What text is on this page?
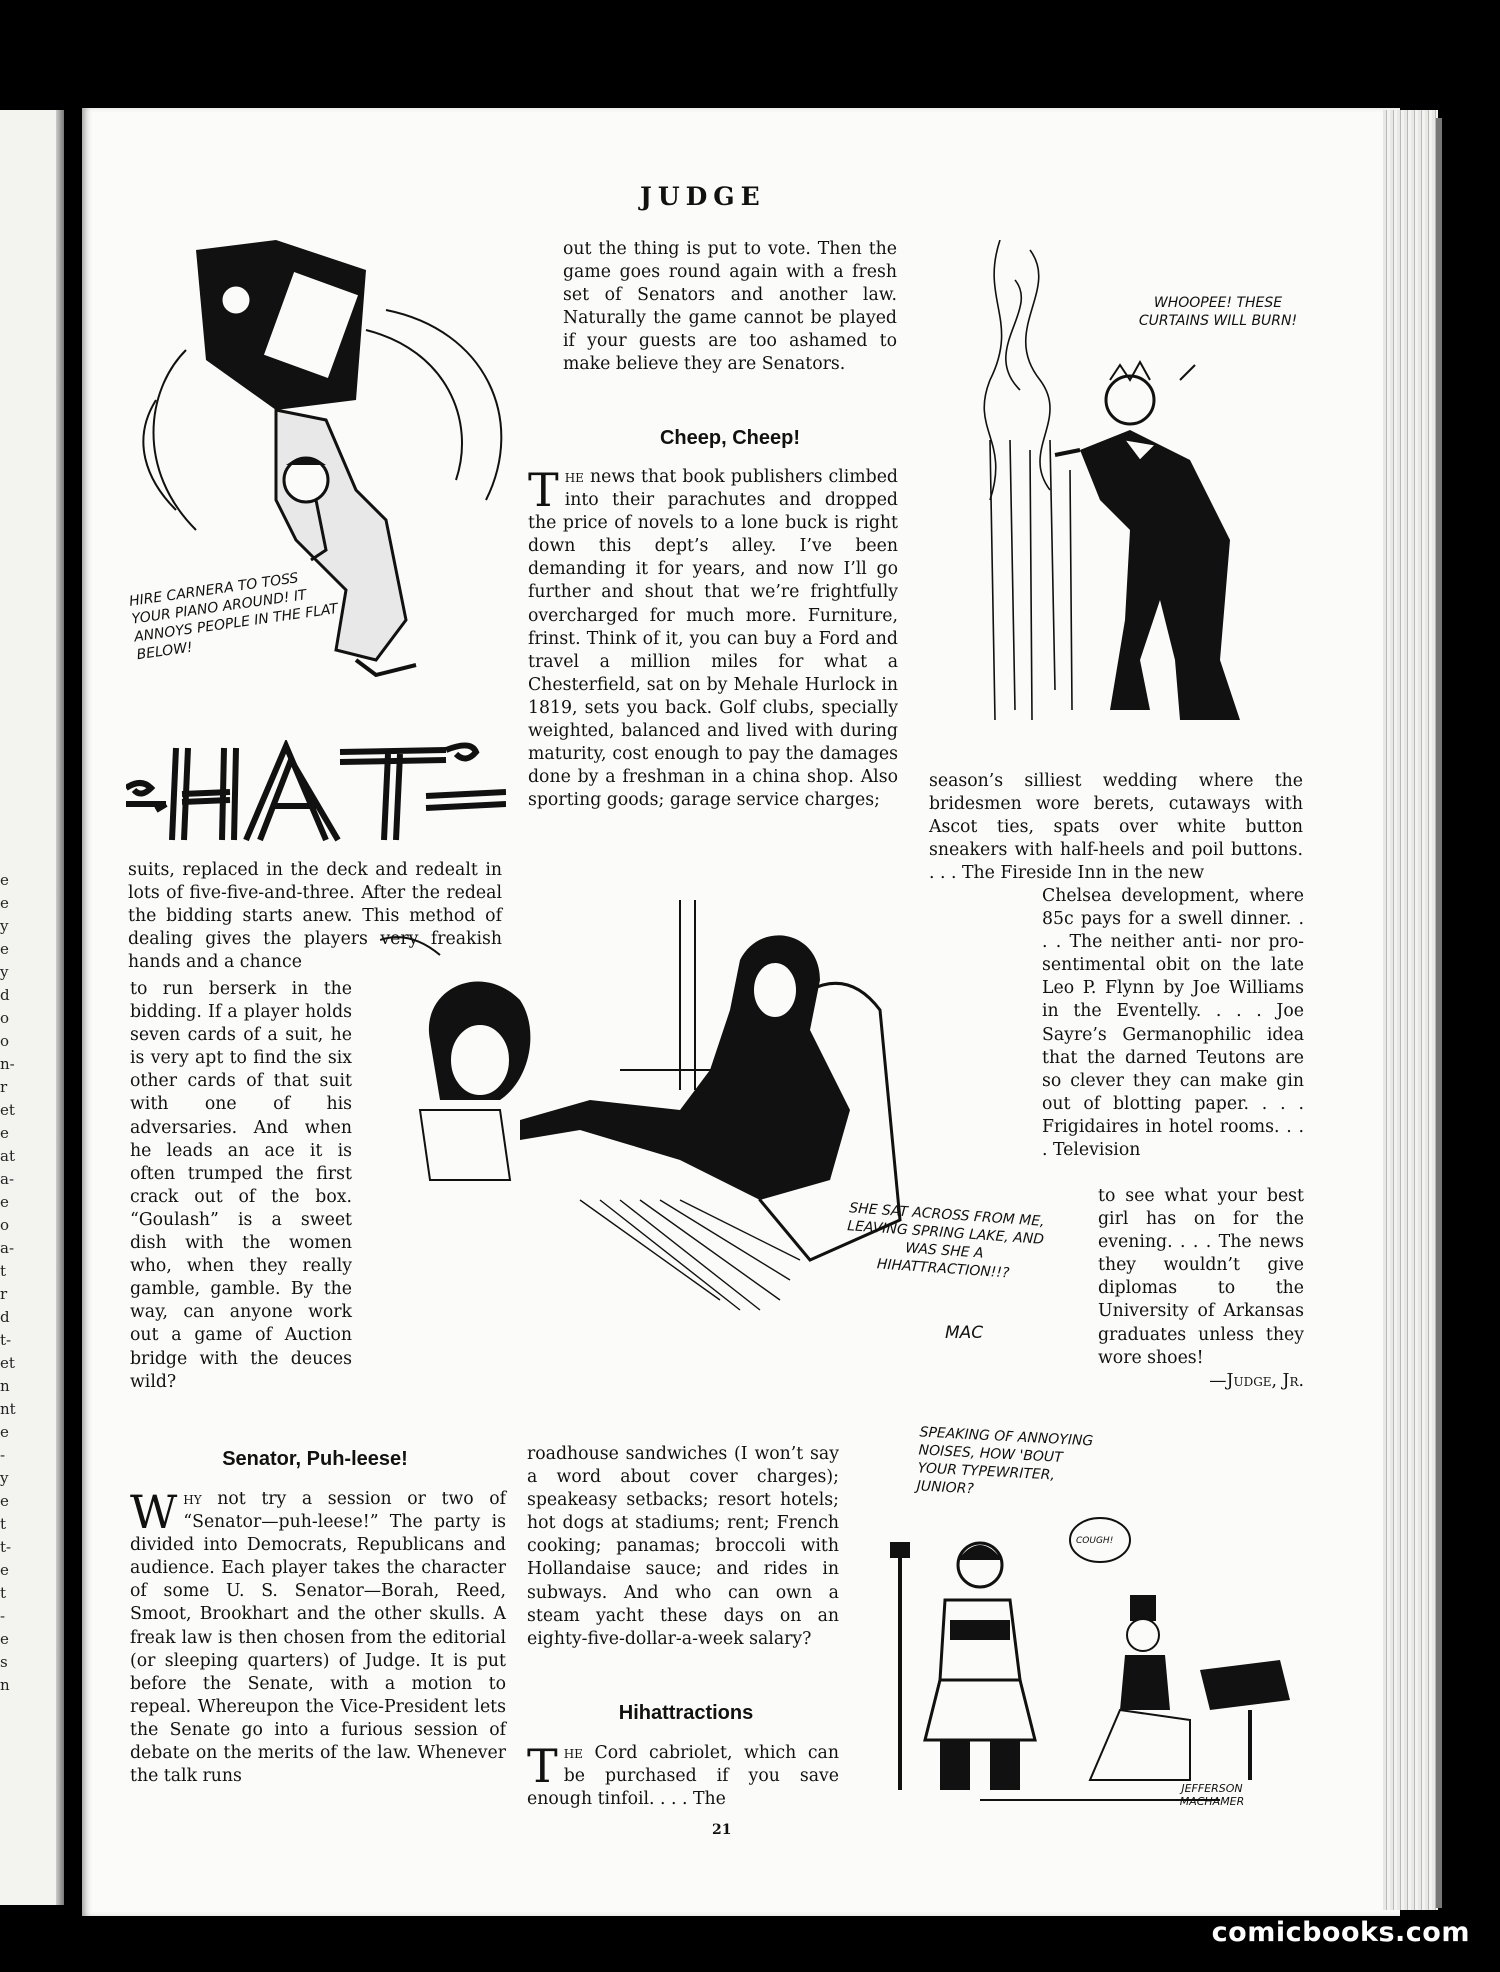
e
e
y
e
y
d
o
o
n-
r
et
e
at
a-
e
o
a-
t
r
d
t-
et
n
nt
e
-
y
e
t
t-
e
t
-
e
s
n
JUDGE
HIRE CARNERA TO TOSS YOUR PIANO AROUND! IT ANNOYS PEOPLE IN THE FLAT BELOW!

suits, replaced in the deck and redealt in lots of five-five-and-three. After the redeal the bidding starts anew. This method of dealing gives the players very freakish hands and a chance

to run berserk in the bidding. If a player holds seven cards of a suit, he is very apt to find the six other cards of that suit with one of his adversaries. And when he leads an ace it is often trumped the first crack out of the box. “Goulash” is a sweet dish with the women who, when they really gamble, gamble. By the way, can anyone work out a game of Auction bridge with the deuces wild?

out the thing is put to vote. Then the game goes round again with a fresh set of Senators and another law. Naturally the game cannot be played if your guests are too ashamed to make believe they are Senators.

Cheep, Cheep!

The news that book publishers climbed into their parachutes and dropped the price of novels to a lone buck is right down this dept’s alley. I’ve been demanding it for years, and now I’ll go further and shout that we’re frightfully overcharged for much more. Furniture, frinst. Think of it, you can buy a Ford and travel a million miles for what a Chesterfield, sat on by Mehale Hurlock in 1819, sets you back. Golf clubs, specially weighted, balanced and lived with during maturity, cost enough to pay the damages done by a freshman in a china shop. Also sporting goods; garage service charges;

WHOOPEE! THESE CURTAINS WILL BURN!

season’s silliest wedding where the bridesmen wore berets, cutaways with Ascot ties, spats over white button sneakers with half-heels and poil buttons. . . . The Fireside Inn in the new

Chelsea development, where 85c pays for a swell dinner. . . . The neither anti- nor pro-sentimental obit on the late Leo P. Flynn by Joe Williams in the Eventelly. . . . Joe Sayre’s Germanophilic idea that the darned Teutons are so clever they can make gin out of blotting paper. . . . Frigidaires in hotel rooms. . . . Television

to see what your best girl has on for the evening. . . . The news they wouldn’t give diplomas to the University of Arkansas graduates unless they wore shoes!

—Judge, Jr.

SHE SAT ACROSS FROM ME, LEAVING SPRING LAKE, AND WAS SHE A HIHATTRACTION!!?
MAC
Senator, Puh-leese!

Why not try a session or two of “Senator—puh-leese!” The party is divided into Democrats, Republicans and audience. Each player takes the character of some U. S. Senator—Borah, Reed, Smoot, Brookhart and the other skulls. A freak law is then chosen from the editorial (or sleeping quarters) of Judge. It is put before the Senate, with a motion to repeal. Whereupon the Vice-President lets the Senate go into a furious session of debate on the merits of the law. Whenever the talk runs

roadhouse sandwiches (I won’t say a word about cover charges); speakeasy setbacks; resort hotels; hot dogs at stadiums; rent; French cooking; panamas; broccoli with Hollandaise sauce; and rides in subways. And who can own a steam yacht these days on an eighty-five-dollar-a-week salary?

Hihattractions

The Cord cabriolet, which can be purchased if you save enough tinfoil. . . . The

SPEAKING OF ANNOYING NOISES, HOW 'BOUT YOUR TYPEWRITER, JUNIOR?
COUGH!
JEFFERSON MACHAMER
21
comicbooks.com
